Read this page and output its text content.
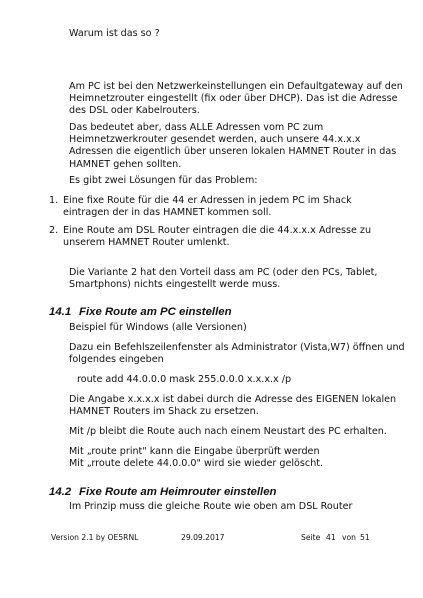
Warum ist das so ?

Am PC ist bei den Netzwerkeinstellungen ein Defaultgateway auf den
Heimnetzrouter eingestellt (fix oder über DHCP). Das ist die Adresse
des DSL oder Kabelrouters.

Das bedeutet aber, dass ALLE Adressen vom PC zum
Heimnetzwerkrouter gesendet werden, auch unsere 44.x.x.x
Adressen die eigentlich über unseren lokalen HAMNET Router in das
HAMNET gehen sollten.

Es gibt zwei Lösungen für das Problem:

1. Eine fixe Route für die 44 er Adressen in jedem PC im Shack
eintragen der in das HAMNET kommen soll.
2. Eine Route am DSL Router eintragen die die 44.x.x.x Adresse zu
unserem HAMNET Router umlenkt.

Die Variante 2 hat den Vorteil dass am PC (oder den PCs, Tablet,
Smartphons) nichts eingestellt werde muss.

14.1 Fixe Route am PC einstellen

Beispiel für Windows (alle Versionen)

Dazu ein Befehlszeilenfenster als Administrator (Vista,W7) öffnen und
folgendes eingeben

route add 44.0.0.0 mask 255.0.0.0 x.x.x.x /p

Die Angabe x.x.x.x ist dabei durch die Adresse des EIGENEN lokalen
HAMNET Routers im Shack zu ersetzen.

Mit /p bleibt die Route auch nach einem Neustart des PC erhalten.

Mit „route print" kann die Eingabe überprüft werden
Mit „rroute delete 44.0.0.0" wird sie wieder gelöscht.

14.2 Fixe Route am Heimrouter einstellen

Im Prinzip muss die gleiche Route wie oben am DSL Router

Version 2.1 by OE5RNL	29.09.2017	Seite 41 von 51
